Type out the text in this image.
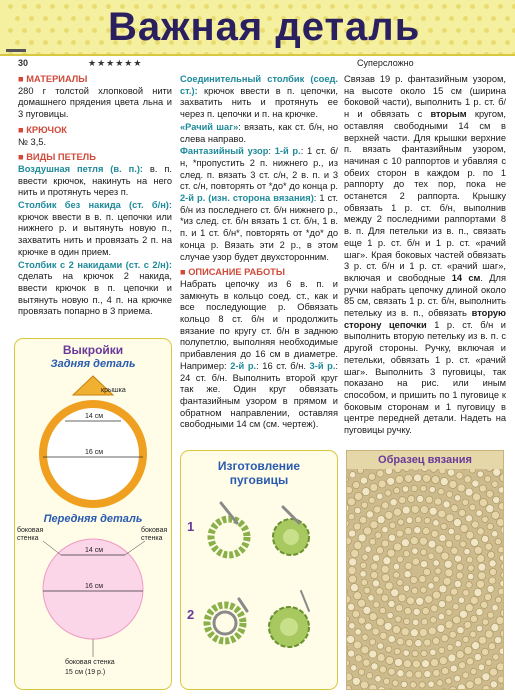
Важная деталь
▬▬
30	★★★★★★	Суперсложно
■ МАТЕРИАЛЫ
280 г толстой хлопковой нити домашнего прядения цвета льна и 3 пуговицы.
■ КРЮЧОК
№ 3,5.
■ ВИДЫ ПЕТЕЛЬ
Воздушная петля (в. п.): в. п. ввести крючок, накинуть на него нить и протянуть через п.
Столбик без накида (ст. б/н): крючок ввести в в. п. цепочки или нижнего р. и вытянуть новую п., захватить нить и провязать 2 п. на крючке в один прием.
Столбик с 2 накидами (ст. с 2/н): сделать на крючок 2 накида, ввести крючок в п. цепочки и вытянуть новую п., 4 п. на крючке провязать попарно в 3 приема.
Соединительный столбик (соед. ст.): крючок ввести в п. цепочки, захватить нить и протянуть ее через п. цепочки и п. на крючке.
«Рачий шаг»: вязать, как ст. б/н, но слева направо.
Фантазийный узор: 1-й р.: 1 ст. б/н, *пропустить 2 п. нижнего р., из след. п. вязать 3 ст. с/н, 2 в. п. и 3 ст. с/н, повторять от *до* до конца р. 2-й р. (изн. сторона вязания): 1 ст. б/н из последнего ст. б/н нижнего р., *из след. ст. б/н вязать 1 ст. б/н, 1 в. п. и 1 ст. б/н*, повторять от *до* до конца р. Вязать эти 2 р., в этом случае узор будет двухсторонним.
■ ОПИСАНИЕ РАБОТЫ
Набрать цепочку из 6 в. п. и замкнуть в кольцо соед. ст., как и все последующие р. Обвязать кольцо 8 ст. б/н и продолжить вязание по кругу ст. б/н в заднюю полупетлю, выполняя необходимые прибавления до 16 см в диаметре. Например: 2-й р.: 16 ст. б/н. 3-й р.: 24 ст. б/н. Выполнить второй круг так же. Один круг обвязать фантазийным узором в прямом и обратном направлении, оставляя свободными 14 см (см. чертеж).
Связав 19 р. фантазийным узором, на высоте около 15 см (ширина боковой части), выполнить 1 р. ст. б/н и обвязать с вторым кругом, оставляя свободными 14 см в верхней части. Для крышки верхние п. вязать фантазийным узором, начиная с 10 раппортов и убавляя с обеих сторон в каждом р. по 1 раппорту до тех пор, пока не останется 2 раппорта. Крышку обвязать 1 р. ст. б/н, выполнив между 2 последними раппортами 8 в. п. Для петельки из в. п., связать еще 1 р. ст. б/н и 1 р. ст. «рачий шаг». Края боковых частей обвязать 3 р. ст. б/н и 1 р. ст. «рачий шаг», включая и свободные 14 см. Для ручки набрать цепочку длиной около 85 см, связать 1 р. ст. б/н, выполнить петельку из в. п., обвязать вторую сторону цепочки 1 р. ст. б/н и выполнить вторую петельку из в. п. с другой стороны. Ручку, включая и петельки, обвязать 1 р. ст. «рачий шаг». Выполнить 3 пуговицы, так показано на рис. или иным способом, и пришить по 1 пуговице к боковым сторонам и 1 пуговицу в центре передней детали. Надеть на пуговицы ручку.
Выкройки
Задняя деталь
крышка
14 см
16 см
Передняя деталь
14 см
16 см
боковая стенка
боковая стенка
боковая стенка
15 см (19 р.)
Изготовление
пуговицы
1
2
Образец вязания
